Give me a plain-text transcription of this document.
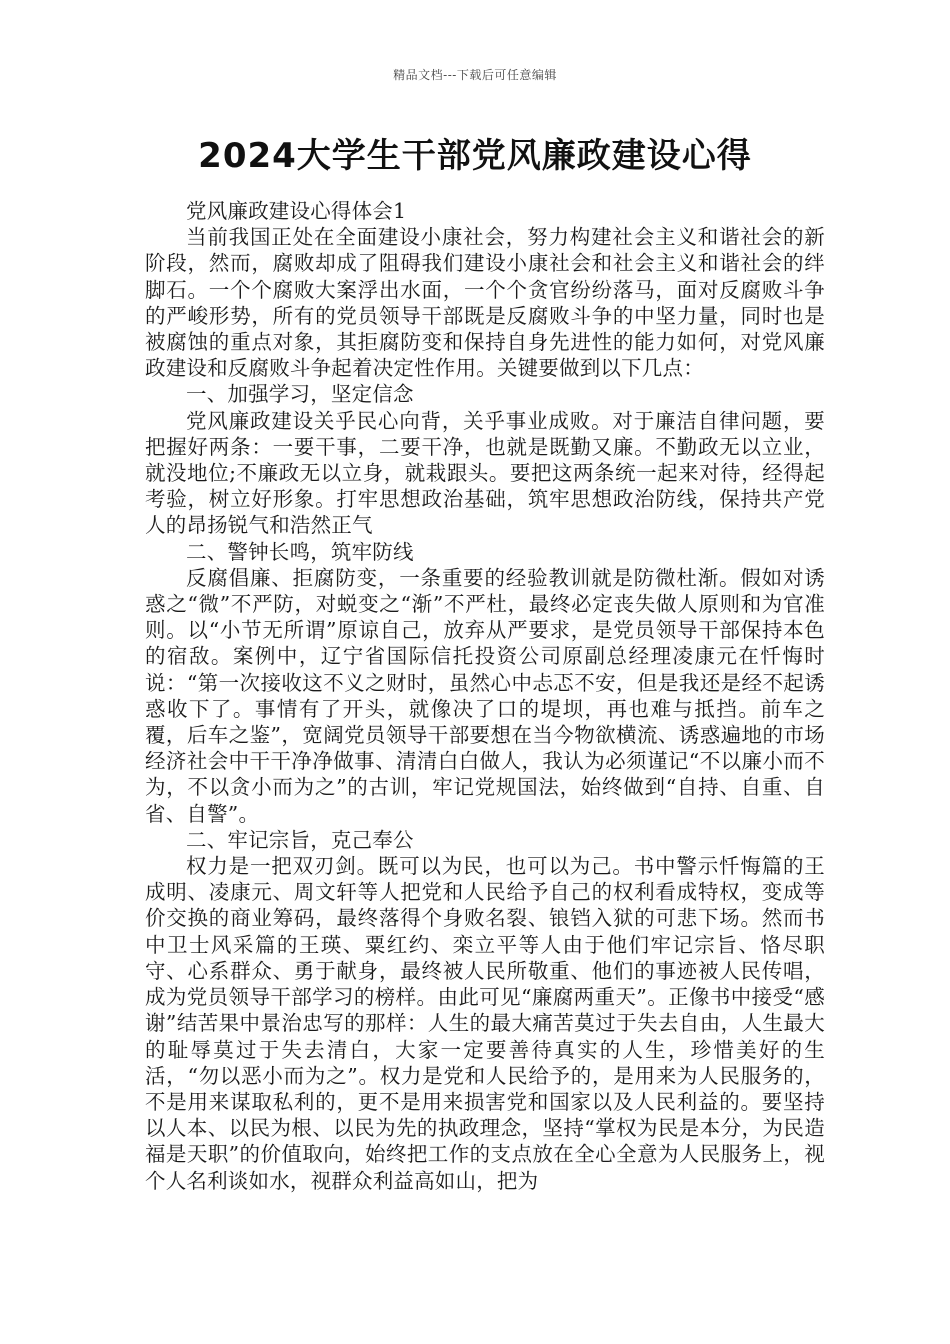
精品文档---下载后可任意编辑
2024大学生干部党风廉政建设心得

党风廉政建设心得体会1

当前我国正处在全面建设小康社会，努力构建社会主义和谐社会的新阶段，然而，腐败却成了阻碍我们建设小康社会和社会主义和谐社会的绊脚石。一个个腐败大案浮出水面，一个个贪官纷纷落马，面对反腐败斗争的严峻形势，所有的党员领导干部既是反腐败斗争的中坚力量，同时也是被腐蚀的重点对象，其拒腐防变和保持自身先进性的能力如何，对党风廉政建设和反腐败斗争起着决定性作用。关键要做到以下几点：

一、加强学习，坚定信念

党风廉政建设关乎民心向背，关乎事业成败。对于廉洁自律问题，要把握好两条：一要干事，二要干净，也就是既勤又廉。不勤政无以立业，就没地位;不廉政无以立身，就栽跟头。要把这两条统一起来对待，经得起考验，树立好形象。打牢思想政治基础，筑牢思想政治防线，保持共产党人的昂扬锐气和浩然正气

二、警钟长鸣，筑牢防线

反腐倡廉、拒腐防变，一条重要的经验教训就是防微杜渐。假如对诱惑之“微”不严防，对蜕变之“渐”不严杜，最终必定丧失做人原则和为官准则。以“小节无所谓”原谅自己，放弃从严要求，是党员领导干部保持本色的宿敌。案例中，辽宁省国际信托投资公司原副总经理凌康元在忏悔时说：“第一次接收这不义之财时，虽然心中忐忑不安，但是我还是经不起诱惑收下了。事情有了开头，就像决了口的堤坝，再也难与抵挡。前车之覆，后车之鉴”，宽阔党员领导干部要想在当今物欲横流、诱惑遍地的市场经济社会中干干净净做事、清清白白做人，我认为必须谨记“不以廉小而不为，不以贪小而为之”的古训，牢记党规国法，始终做到“自持、自重、自省、自警”。

二、牢记宗旨，克己奉公

权力是一把双刃剑。既可以为民，也可以为己。书中警示忏悔篇的王成明、凌康元、周文轩等人把党和人民给予自己的权利看成特权，变成等价交换的商业筹码，最终落得个身败名裂、锒铛入狱的可悲下场。然而书中卫士风采篇的王瑛、粟红约、栾立平等人由于他们牢记宗旨、恪尽职守、心系群众、勇于献身，最终被人民所敬重、他们的事迹被人民传唱，成为党员领导干部学习的榜样。由此可见“廉腐两重天”。正像书中接受“感谢”结苦果中景治忠写的那样：人生的最大痛苦莫过于失去自由，人生最大的耻辱莫过于失去清白，大家一定要善待真实的人生，珍惜美好的生活，“勿以恶小而为之”。权力是党和人民给予的，是用来为人民服务的，不是用来谋取私利的，更不是用来损害党和国家以及人民利益的。要坚持以人本、以民为根、以民为先的执政理念，坚持“掌权为民是本分，为民造福是天职”的价值取向，始终把工作的支点放在全心全意为人民服务上，视个人名利谈如水，视群众利益高如山，把为
